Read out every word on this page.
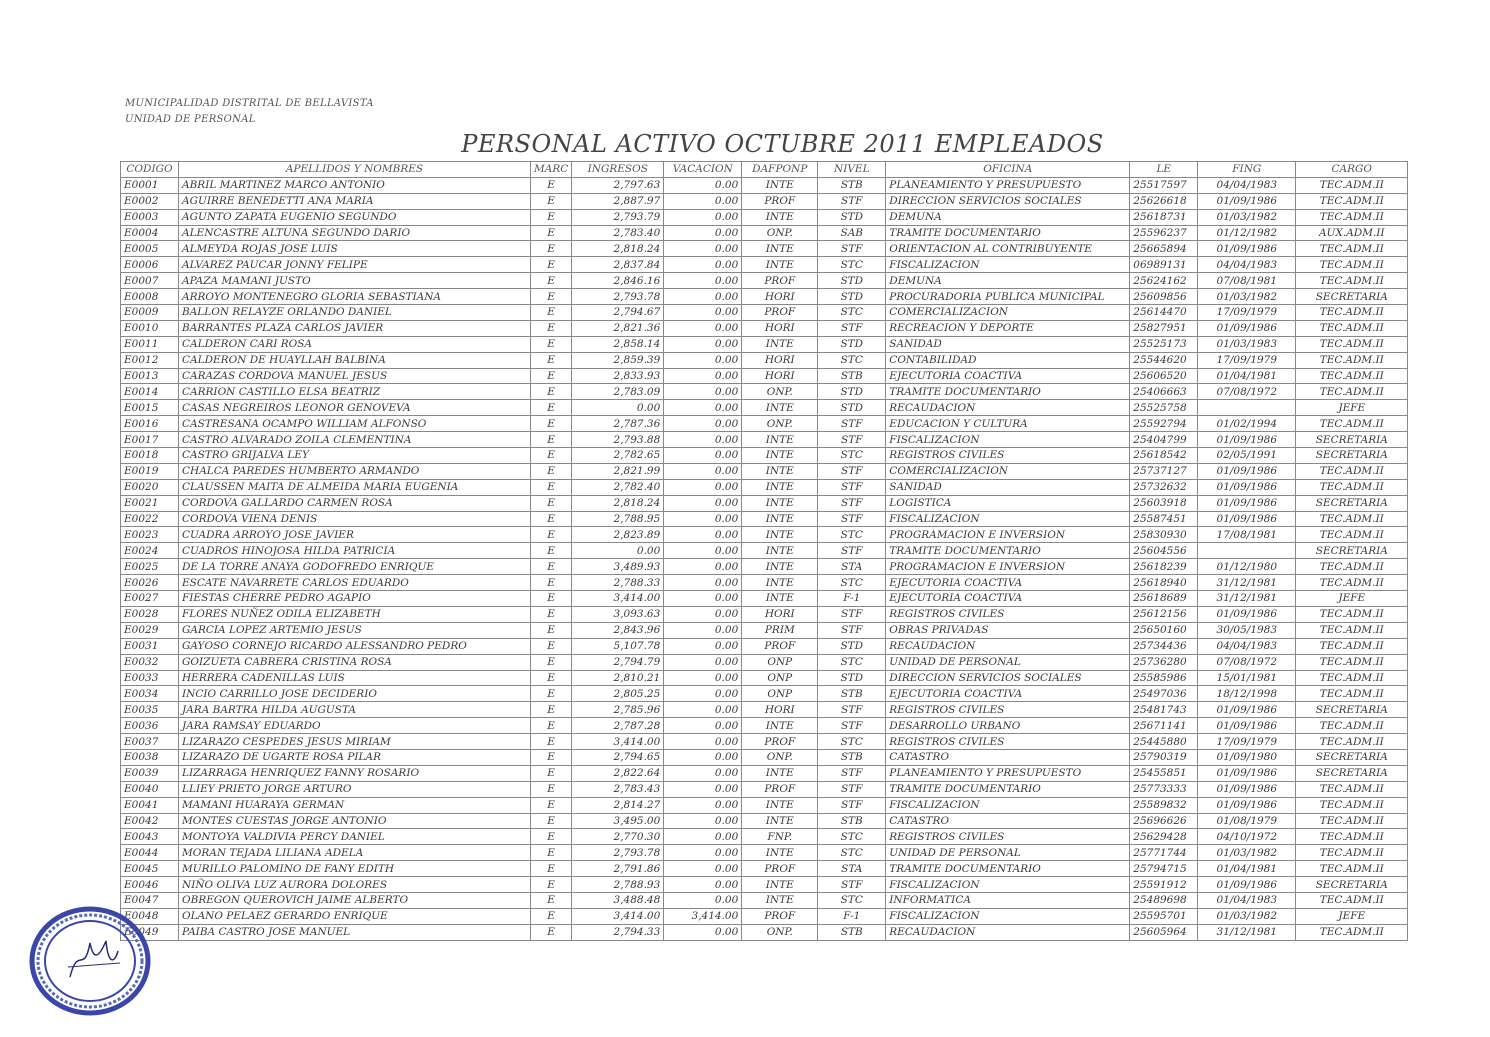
MUNICIPALIDAD DISTRITAL DE BELLAVISTA
UNIDAD DE PERSONAL
PERSONAL ACTIVO OCTUBRE 2011 EMPLEADOS
CODIGO	APELLIDOS Y NOMBRES	MARC	INGRESOS	VACACION	DAFPONP	NIVEL	OFICINA	LE	FING	CARGO
E0001	ABRIL MARTINEZ MARCO ANTONIO	E	2,797.63	0.00	INTE	STB	PLANEAMIENTO Y PRESUPUESTO	25517597	04/04/1983	TEC.ADM.II
E0002	AGUIRRE BENEDETTI ANA MARIA	E	2,887.97	0.00	PROF	STF	DIRECCION SERVICIOS SOCIALES	25626618	01/09/1986	TEC.ADM.II
E0003	AGUNTO ZAPATA EUGENIO SEGUNDO	E	2,793.79	0.00	INTE	STD	DEMUNA	25618731	01/03/1982	TEC.ADM.II
E0004	ALENCASTRE ALTUNA SEGUNDO DARIO	E	2,783.40	0.00	ONP.	SAB	TRAMITE DOCUMENTARIO	25596237	01/12/1982	AUX.ADM.II
E0005	ALMEYDA ROJAS JOSE LUIS	E	2,818.24	0.00	INTE	STF	ORIENTACION AL CONTRIBUYENTE	25665894	01/09/1986	TEC.ADM.II
E0006	ALVAREZ PAUCAR JONNY FELIPE	E	2,837.84	0.00	INTE	STC	FISCALIZACION	06989131	04/04/1983	TEC.ADM.II
E0007	APAZA MAMANI JUSTO	E	2,846.16	0.00	PROF	STD	DEMUNA	25624162	07/08/1981	TEC.ADM.II
E0008	ARROYO MONTENEGRO GLORIA SEBASTIANA	E	2,793.78	0.00	HORI	STD	PROCURADORIA PUBLICA MUNICIPAL	25609856	01/03/1982	SECRETARIA
E0009	BALLON RELAYZE ORLANDO DANIEL	E	2,794.67	0.00	PROF	STC	COMERCIALIZACION	25614470	17/09/1979	TEC.ADM.II
E0010	BARRANTES PLAZA CARLOS JAVIER	E	2,821.36	0.00	HORI	STF	RECREACION Y DEPORTE	25827951	01/09/1986	TEC.ADM.II
E0011	CALDERON CARI ROSA	E	2,858.14	0.00	INTE	STD	SANIDAD	25525173	01/03/1983	TEC.ADM.II
E0012	CALDERON DE HUAYLLAH BALBINA	E	2,859.39	0.00	HORI	STC	CONTABILIDAD	25544620	17/09/1979	TEC.ADM.II
E0013	CARAZAS CORDOVA MANUEL JESUS	E	2,833.93	0.00	HORI	STB	EJECUTORIA COACTIVA	25606520	01/04/1981	TEC.ADM.II
E0014	CARRION CASTILLO ELSA BEATRIZ	E	2,783.09	0.00	ONP.	STD	TRAMITE DOCUMENTARIO	25406663	07/08/1972	TEC.ADM.II
E0015	CASAS NEGREIROS LEONOR GENOVEVA	E	0.00	0.00	INTE	STD	RECAUDACION	25525758		JEFE
E0016	CASTRESANA OCAMPO WILLIAM ALFONSO	E	2,787.36	0.00	ONP.	STF	EDUCACION Y CULTURA	25592794	01/02/1994	TEC.ADM.II
E0017	CASTRO ALVARADO ZOILA CLEMENTINA	E	2,793.88	0.00	INTE	STF	FISCALIZACION	25404799	01/09/1986	SECRETARIA
E0018	CASTRO GRIJALVA LEY	E	2,782.65	0.00	INTE	STC	REGISTROS CIVILES	25618542	02/05/1991	SECRETARIA
E0019	CHALCA PAREDES HUMBERTO ARMANDO	E	2,821.99	0.00	INTE	STF	COMERCIALIZACION	25737127	01/09/1986	TEC.ADM.II
E0020	CLAUSSEN MAITA DE ALMEIDA MARIA EUGENIA	E	2,782.40	0.00	INTE	STF	SANIDAD	25732632	01/09/1986	TEC.ADM.II
E0021	CORDOVA GALLARDO CARMEN ROSA	E	2,818.24	0.00	INTE	STF	LOGISTICA	25603918	01/09/1986	SECRETARIA
E0022	CORDOVA VIENA DENIS	E	2,788.95	0.00	INTE	STF	FISCALIZACION	25587451	01/09/1986	TEC.ADM.II
E0023	CUADRA ARROYO JOSE JAVIER	E	2,823.89	0.00	INTE	STC	PROGRAMACION E INVERSION	25830930	17/08/1981	TEC.ADM.II
E0024	CUADROS HINOJOSA HILDA PATRICIA	E	0.00	0.00	INTE	STF	TRAMITE DOCUMENTARIO	25604556		SECRETARIA
E0025	DE LA TORRE ANAYA GODOFREDO ENRIQUE	E	3,489.93	0.00	INTE	STA	PROGRAMACION E INVERSION	25618239	01/12/1980	TEC.ADM.II
E0026	ESCATE NAVARRETE CARLOS EDUARDO	E	2,788.33	0.00	INTE	STC	EJECUTORIA COACTIVA	25618940	31/12/1981	TEC.ADM.II
E0027	FIESTAS CHERRE PEDRO AGAPIO	E	3,414.00	0.00	INTE	F-1	EJECUTORIA COACTIVA	25618689	31/12/1981	JEFE
E0028	FLORES NUÑEZ ODILA ELIZABETH	E	3,093.63	0.00	HORI	STF	REGISTROS CIVILES	25612156	01/09/1986	TEC.ADM.II
E0029	GARCIA LOPEZ ARTEMIO JESUS	E	2,843.96	0.00	PRIM	STF	OBRAS PRIVADAS	25650160	30/05/1983	TEC.ADM.II
E0031	GAYOSO CORNEJO RICARDO ALESSANDRO PEDRO	E	5,107.78	0.00	PROF	STD	RECAUDACION	25734436	04/04/1983	TEC.ADM.II
E0032	GOIZUETA CABRERA CRISTINA ROSA	E	2,794.79	0.00	ONP	STC	UNIDAD DE PERSONAL	25736280	07/08/1972	TEC.ADM.II
E0033	HERRERA CADENILLAS LUIS	E	2,810.21	0.00	ONP	STD	DIRECCION SERVICIOS SOCIALES	25585986	15/01/1981	TEC.ADM.II
E0034	INCIO CARRILLO JOSE DECIDERIO	E	2,805.25	0.00	ONP	STB	EJECUTORIA COACTIVA	25497036	18/12/1998	TEC.ADM.II
E0035	JARA BARTRA HILDA AUGUSTA	E	2,785.96	0.00	HORI	STF	REGISTROS CIVILES	25481743	01/09/1986	SECRETARIA
E0036	JARA RAMSAY EDUARDO	E	2,787.28	0.00	INTE	STF	DESARROLLO URBANO	25671141	01/09/1986	TEC.ADM.II
E0037	LIZARAZO CESPEDES JESUS MIRIAM	E	3,414.00	0.00	PROF	STC	REGISTROS CIVILES	25445880	17/09/1979	TEC.ADM.II
E0038	LIZARAZO DE UGARTE ROSA PILAR	E	2,794.65	0.00	ONP.	STB	CATASTRO	25790319	01/09/1980	SECRETARIA
E0039	LIZARRAGA HENRIQUEZ FANNY ROSARIO	E	2,822.64	0.00	INTE	STF	PLANEAMIENTO Y PRESUPUESTO	25455851	01/09/1986	SECRETARIA
E0040	LLIEY PRIETO JORGE ARTURO	E	2,783.43	0.00	PROF	STF	TRAMITE DOCUMENTARIO	25773333	01/09/1986	TEC.ADM.II
E0041	MAMANI HUARAYA GERMAN	E	2,814.27	0.00	INTE	STF	FISCALIZACION	25589832	01/09/1986	TEC.ADM.II
E0042	MONTES CUESTAS JORGE ANTONIO	E	3,495.00	0.00	INTE	STB	CATASTRO	25696626	01/08/1979	TEC.ADM.II
E0043	MONTOYA VALDIVIA PERCY DANIEL	E	2,770.30	0.00	FNP.	STC	REGISTROS CIVILES	25629428	04/10/1972	TEC.ADM.II
E0044	MORAN TEJADA LILIANA ADELA	E	2,793.78	0.00	INTE	STC	UNIDAD DE PERSONAL	25771744	01/03/1982	TEC.ADM.II
E0045	MURILLO PALOMINO DE FANY EDITH	E	2,791.86	0.00	PROF	STA	TRAMITE DOCUMENTARIO	25794715	01/04/1981	TEC.ADM.II
E0046	NIÑO OLIVA LUZ AURORA DOLORES	E	2,788.93	0.00	INTE	STF	FISCALIZACION	25591912	01/09/1986	SECRETARIA
E0047	OBREGON QUEROVICH JAIME ALBERTO	E	3,488.48	0.00	INTE	STC	INFORMATICA	25489698	01/04/1983	TEC.ADM.II
E0048	OLANO PELAEZ GERARDO ENRIQUE	E	3,414.00	3,414.00	PROF	F-1	FISCALIZACION	25595701	01/03/1982	JEFE
E0049	PAIBA CASTRO JOSE MANUEL	E	2,794.33	0.00	ONP.	STB	RECAUDACION	25605964	31/12/1981	TEC.ADM.II
